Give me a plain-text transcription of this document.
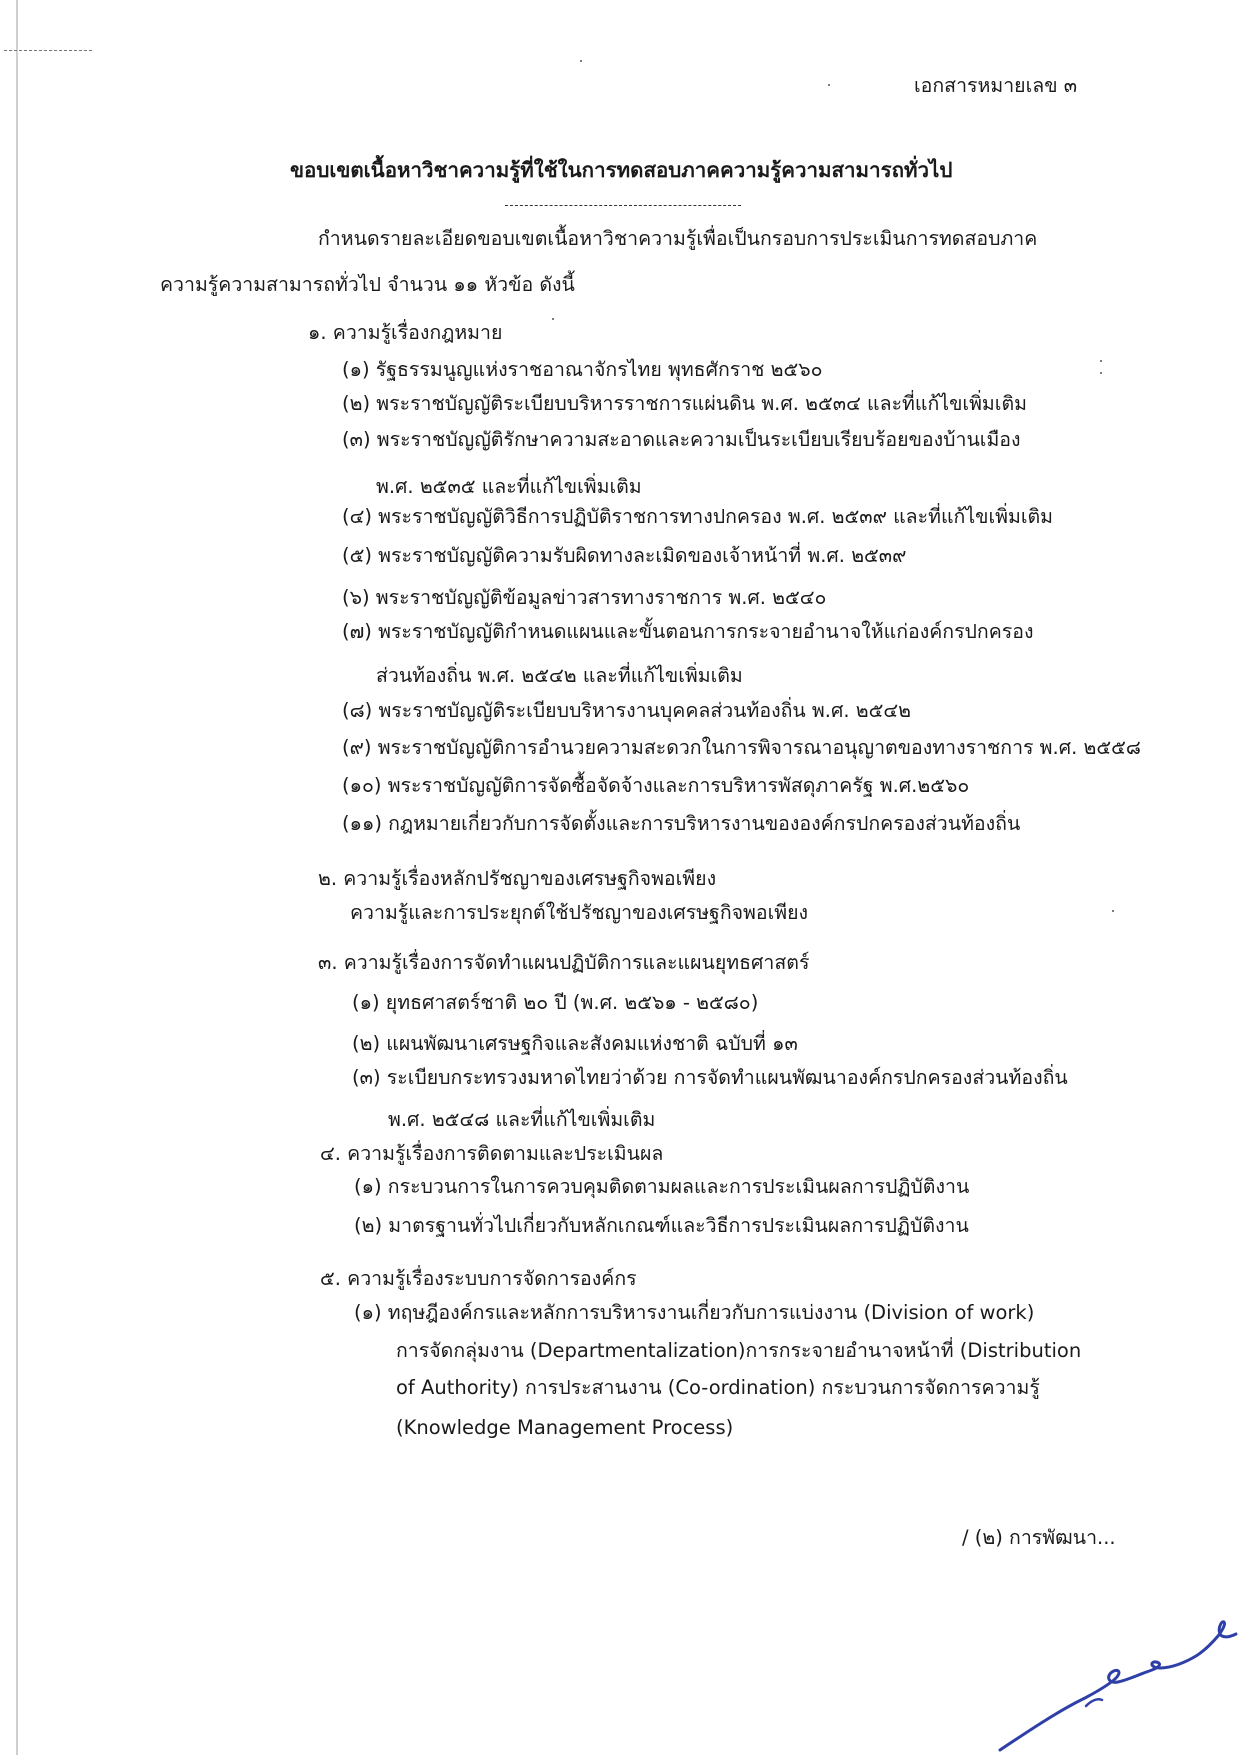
เอกสารหมายเลข ๓
ขอบเขตเนื้อหาวิชาความรู้ที่ใช้ในการทดสอบภาคความรู้ความสามารถทั่วไป
กำหนดรายละเอียดขอบเขตเนื้อหาวิชาความรู้เพื่อเป็นกรอบการประเมินการทดสอบภาค
ความรู้ความสามารถทั่วไป จำนวน ๑๑ หัวข้อ ดังนี้
๑. ความรู้เรื่องกฎหมาย
(๑) รัฐธรรมนูญแห่งราชอาณาจักรไทย พุทธศักราช ๒๕๖๐
(๒) พระราชบัญญัติระเบียบบริหารราชการแผ่นดิน พ.ศ. ๒๕๓๔ และที่แก้ไขเพิ่มเติม
(๓) พระราชบัญญัติรักษาความสะอาดและความเป็นระเบียบเรียบร้อยของบ้านเมือง
พ.ศ. ๒๕๓๕ และที่แก้ไขเพิ่มเติม
(๔) พระราชบัญญัติวิธีการปฏิบัติราชการทางปกครอง พ.ศ. ๒๕๓๙ และที่แก้ไขเพิ่มเติม
(๕) พระราชบัญญัติความรับผิดทางละเมิดของเจ้าหน้าที่ พ.ศ. ๒๕๓๙
(๖) พระราชบัญญัติข้อมูลข่าวสารทางราชการ พ.ศ. ๒๕๔๐
(๗) พระราชบัญญัติกำหนดแผนและขั้นตอนการกระจายอำนาจให้แก่องค์กรปกครอง
ส่วนท้องถิ่น พ.ศ. ๒๕๔๒ และที่แก้ไขเพิ่มเติม
(๘) พระราชบัญญัติระเบียบบริหารงานบุคคลส่วนท้องถิ่น พ.ศ. ๒๕๔๒
(๙) พระราชบัญญัติการอำนวยความสะดวกในการพิจารณาอนุญาตของทางราชการ พ.ศ. ๒๕๕๘
(๑๐) พระราชบัญญัติการจัดซื้อจัดจ้างและการบริหารพัสดุภาครัฐ พ.ศ.๒๕๖๐
(๑๑) กฎหมายเกี่ยวกับการจัดตั้งและการบริหารงานขององค์กรปกครองส่วนท้องถิ่น
๒. ความรู้เรื่องหลักปรัชญาของเศรษฐกิจพอเพียง
ความรู้และการประยุกต์ใช้ปรัชญาของเศรษฐกิจพอเพียง
๓. ความรู้เรื่องการจัดทำแผนปฏิบัติการและแผนยุทธศาสตร์
(๑) ยุทธศาสตร์ชาติ ๒๐ ปี (พ.ศ. ๒๕๖๑ - ๒๕๘๐)
(๒) แผนพัฒนาเศรษฐกิจและสังคมแห่งชาติ ฉบับที่ ๑๓
(๓) ระเบียบกระทรวงมหาดไทยว่าด้วย การจัดทำแผนพัฒนาองค์กรปกครองส่วนท้องถิ่น
พ.ศ. ๒๕๔๘ และที่แก้ไขเพิ่มเติม
๔. ความรู้เรื่องการติดตามและประเมินผล
(๑) กระบวนการในการควบคุมติดตามผลและการประเมินผลการปฏิบัติงาน
(๒) มาตรฐานทั่วไปเกี่ยวกับหลักเกณฑ์และวิธีการประเมินผลการปฏิบัติงาน
๕. ความรู้เรื่องระบบการจัดการองค์กร
(๑) ทฤษฎีองค์กรและหลักการบริหารงานเกี่ยวกับการแบ่งงาน (Division of work)
การจัดกลุ่มงาน (Departmentalization)การกระจายอำนาจหน้าที่ (Distribution
of Authority) การประสานงาน (Co-ordination) กระบวนการจัดการความรู้
(Knowledge Management Process)
/ (๒) การพัฒนา...
